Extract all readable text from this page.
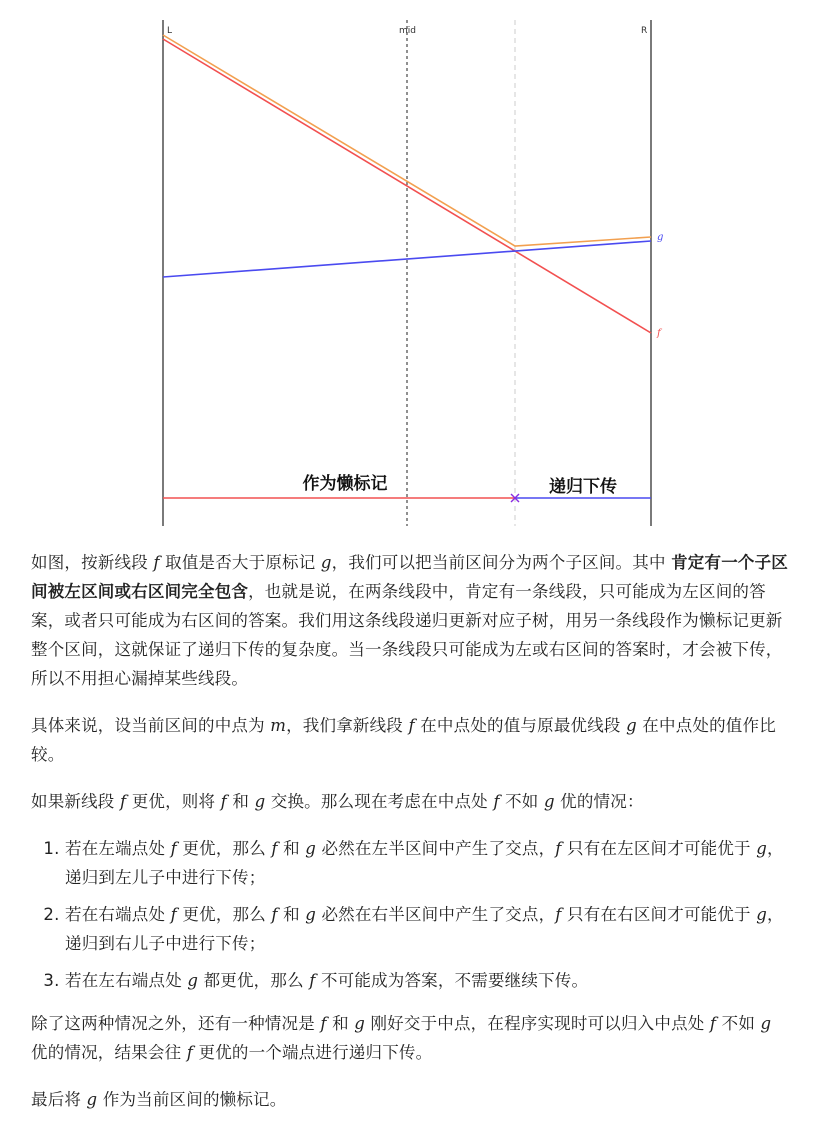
L	mid	R
g
f
作为懒标记	递归下传

如图，按新线段 f 取值是否大于原标记 g，我们可以把当前区间分为两个子区间。其中 肯定有一个子区间被左区间或右区间完全包含，也就是说，在两条线段中，肯定有一条线段，只可能成为左区间的答案，或者只可能成为右区间的答案。我们用这条线段递归更新对应子树，用另一条线段作为懒标记更新整个区间，这就保证了递归下传的复杂度。当一条线段只可能成为左或右区间的答案时，才会被下传，所以不用担心漏掉某些线段。

具体来说，设当前区间的中点为 m，我们拿新线段 f 在中点处的值与原最优线段 g 在中点处的值作比较。

如果新线段 f 更优，则将 f 和 g 交换。那么现在考虑在中点处 f 不如 g 优的情况：

1. 若在左端点处 f 更优，那么 f 和 g 必然在左半区间中产生了交点，f 只有在左区间才可能优于 g，递归到左儿子中进行下传；
2. 若在右端点处 f 更优，那么 f 和 g 必然在右半区间中产生了交点，f 只有在右区间才可能优于 g，递归到右儿子中进行下传；
3. 若在左右端点处 g 都更优，那么 f 不可能成为答案，不需要继续下传。

除了这两种情况之外，还有一种情况是 f 和 g 刚好交于中点，在程序实现时可以归入中点处 f 不如 g 优的情况，结果会往 f 更优的一个端点进行递归下传。

最后将 g 作为当前区间的懒标记。
